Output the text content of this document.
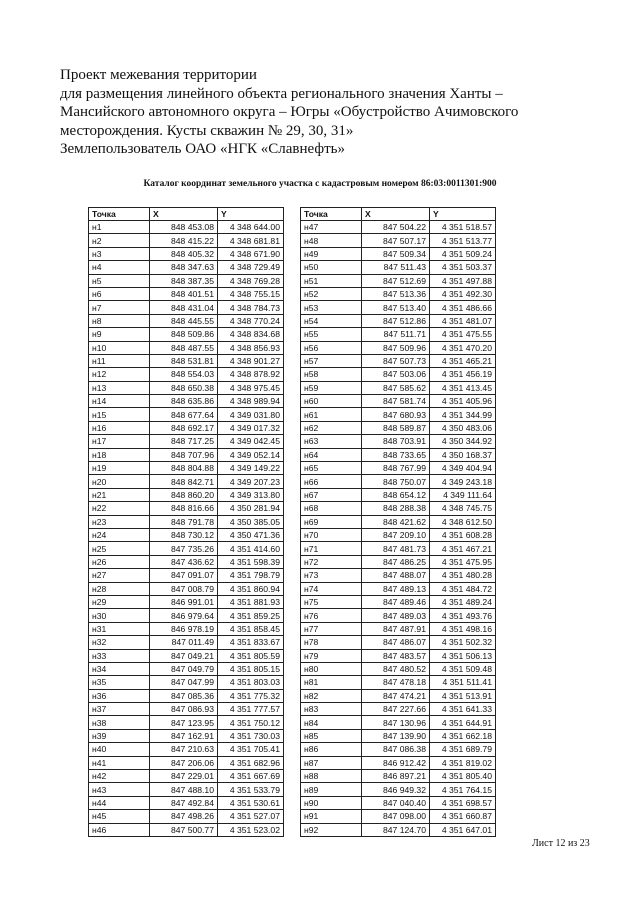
Проект межевания территории
для размещения линейного объекта регионального значения Ханты –
Мансийского автономного округа – Югры «Обустройство Ачимовского
месторождения. Кусты скважин № 29, 30, 31»
Землепользователь ОАО «НГК «Славнефть»
Каталог координат земельного участка с кадастровым номером 86:03:0011301:900
Точка	X	Y
н1	848 453.08	4 348 644.00
н2	848 415.22	4 348 681.81
н3	848 405.32	4 348 671.90
н4	848 347.63	4 348 729.49
н5	848 387.35	4 348 769.28
н6	848 401.51	4 348 755.15
н7	848 431.04	4 348 784.73
н8	848 445.55	4 348 770.24
н9	848 509.86	4 348 834.68
н10	848 487.55	4 348 856.93
н11	848 531.81	4 348 901.27
н12	848 554.03	4 348 878.92
н13	848 650.38	4 348 975.45
н14	848 635.86	4 348 989.94
н15	848 677.64	4 349 031.80
н16	848 692.17	4 349 017.32
н17	848 717.25	4 349 042.45
н18	848 707.96	4 349 052.14
н19	848 804.88	4 349 149.22
н20	848 842.71	4 349 207.23
н21	848 860.20	4 349 313.80
н22	848 816.66	4 350 281.94
н23	848 791.78	4 350 385.05
н24	848 730.12	4 350 471.36
н25	847 735.26	4 351 414.60
н26	847 436.62	4 351 598.39
н27	847 091.07	4 351 798.79
н28	847 008.79	4 351 860.94
н29	846 991.01	4 351 881.93
н30	846 979.64	4 351 859.25
н31	846 978.19	4 351 858.45
н32	847 011.49	4 351 833.67
н33	847 049.21	4 351 805.59
н34	847 049.79	4 351 805.15
н35	847 047.99	4 351 803.03
н36	847 085.36	4 351 775.32
н37	847 086.93	4 351 777.57
н38	847 123.95	4 351 750.12
н39	847 162.91	4 351 730.03
н40	847 210.63	4 351 705.41
н41	847 206.06	4 351 682.96
н42	847 229.01	4 351 667.69
н43	847 488.10	4 351 533.79
н44	847 492.84	4 351 530.61
н45	847 498.26	4 351 527.07
н46	847 500.77	4 351 523.02
Точка	X	Y
н47	847 504.22	4 351 518.57
н48	847 507.17	4 351 513.77
н49	847 509.34	4 351 509.24
н50	847 511.43	4 351 503.37
н51	847 512.69	4 351 497.88
н52	847 513.36	4 351 492.30
н53	847 513.40	4 351 486.66
н54	847 512.86	4 351 481.07
н55	847 511.71	4 351 475.55
н56	847 509.96	4 351 470.20
н57	847 507.73	4 351 465.21
н58	847 503.06	4 351 456.19
н59	847 585.62	4 351 413.45
н60	847 581.74	4 351 405.96
н61	847 680.93	4 351 344.99
н62	848 589.87	4 350 483.06
н63	848 703.91	4 350 344.92
н64	848 733.65	4 350 168.37
н65	848 767.99	4 349 404.94
н66	848 750.07	4 349 243.18
н67	848 654.12	4 349 111.64
н68	848 288.38	4 348 745.75
н69	848 421.62	4 348 612.50
н70	847 209.10	4 351 608.28
н71	847 481.73	4 351 467.21
н72	847 486.25	4 351 475.95
н73	847 488.07	4 351 480.28
н74	847 489.13	4 351 484.72
н75	847 489.46	4 351 489.24
н76	847 489.03	4 351 493.76
н77	847 487.91	4 351 498.16
н78	847 486.07	4 351 502.32
н79	847 483.57	4 351 506.13
н80	847 480.52	4 351 509.48
н81	847 478.18	4 351 511.41
н82	847 474.21	4 351 513.91
н83	847 227.66	4 351 641.33
н84	847 130.96	4 351 644.91
н85	847 139.90	4 351 662.18
н86	847 086.38	4 351 689.79
н87	846 912.42	4 351 819.02
н88	846 897.21	4 351 805.40
н89	846 949.32	4 351 764.15
н90	847 040.40	4 351 698.57
н91	847 098.00	4 351 660.87
н92	847 124.70	4 351 647.01
Лист 12 из 23
